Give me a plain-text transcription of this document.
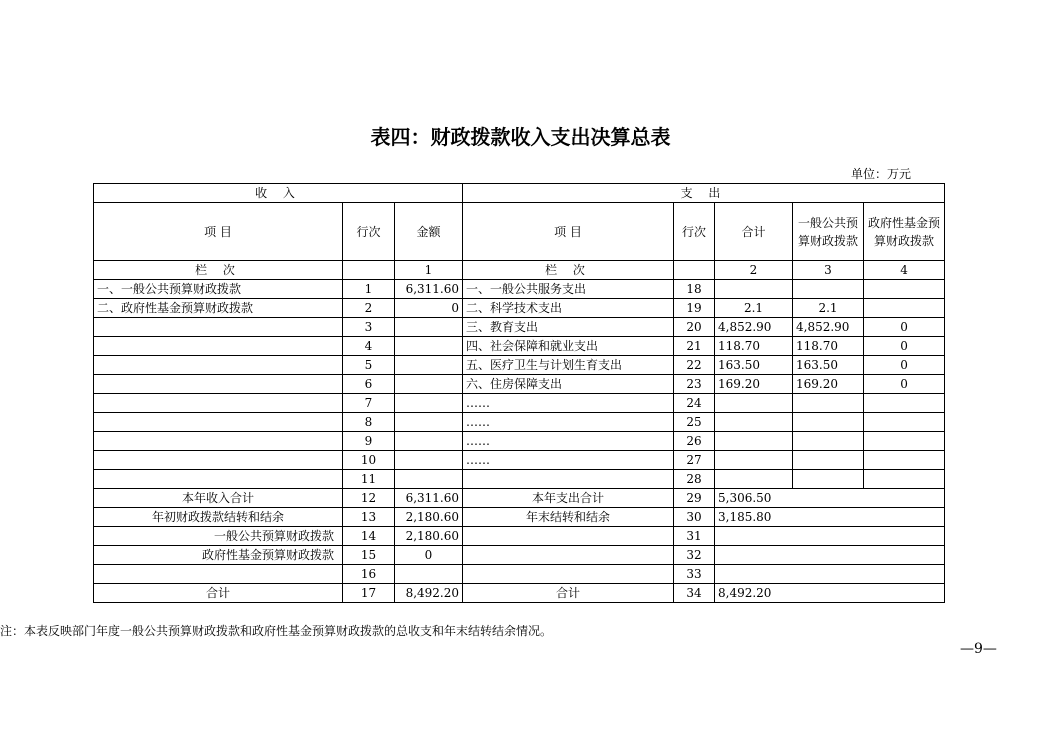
表四：财政拨款收入支出决算总表
单位：万元
收 入			支 出				
项 目	行次	金额	项 目	行次	合计	一般公共预算财政拨款	政府性基金预算财政拨款
栏 次		1	栏 次		2	3	4
一、一般公共预算财政拨款	1	6,311.60	一、一般公共服务支出	18			
二、政府性基金预算财政拨款	2	0	二、科学技术支出	19	2.1	2.1	
	3		三、教育支出	20	4,852.90	4,852.90	0
	4		四、社会保障和就业支出	21	118.70	118.70	0
	5		五、医疗卫生与计划生育支出	22	163.50	163.50	0
	6		六、住房保障支出	23	169.20	169.20	0
	7		……	24			
	8		……	25			
	9		……	26			
	10		……	27			
	11			28			
本年收入合计	12	6,311.60	本年支出合计	29	5,306.50		
年初财政拨款结转和结余	13	2,180.60	年末结转和结余	30	3,185.80		
一般公共预算财政拨款	14	2,180.60		31			
政府性基金预算财政拨款	15	0		32			
	16			33			
合计	17	8,492.20	合计	34	8,492.20		
注：本表反映部门年度一般公共预算财政拨款和政府性基金预算财政拨款的总收支和年末结转结余情况。
—9—
